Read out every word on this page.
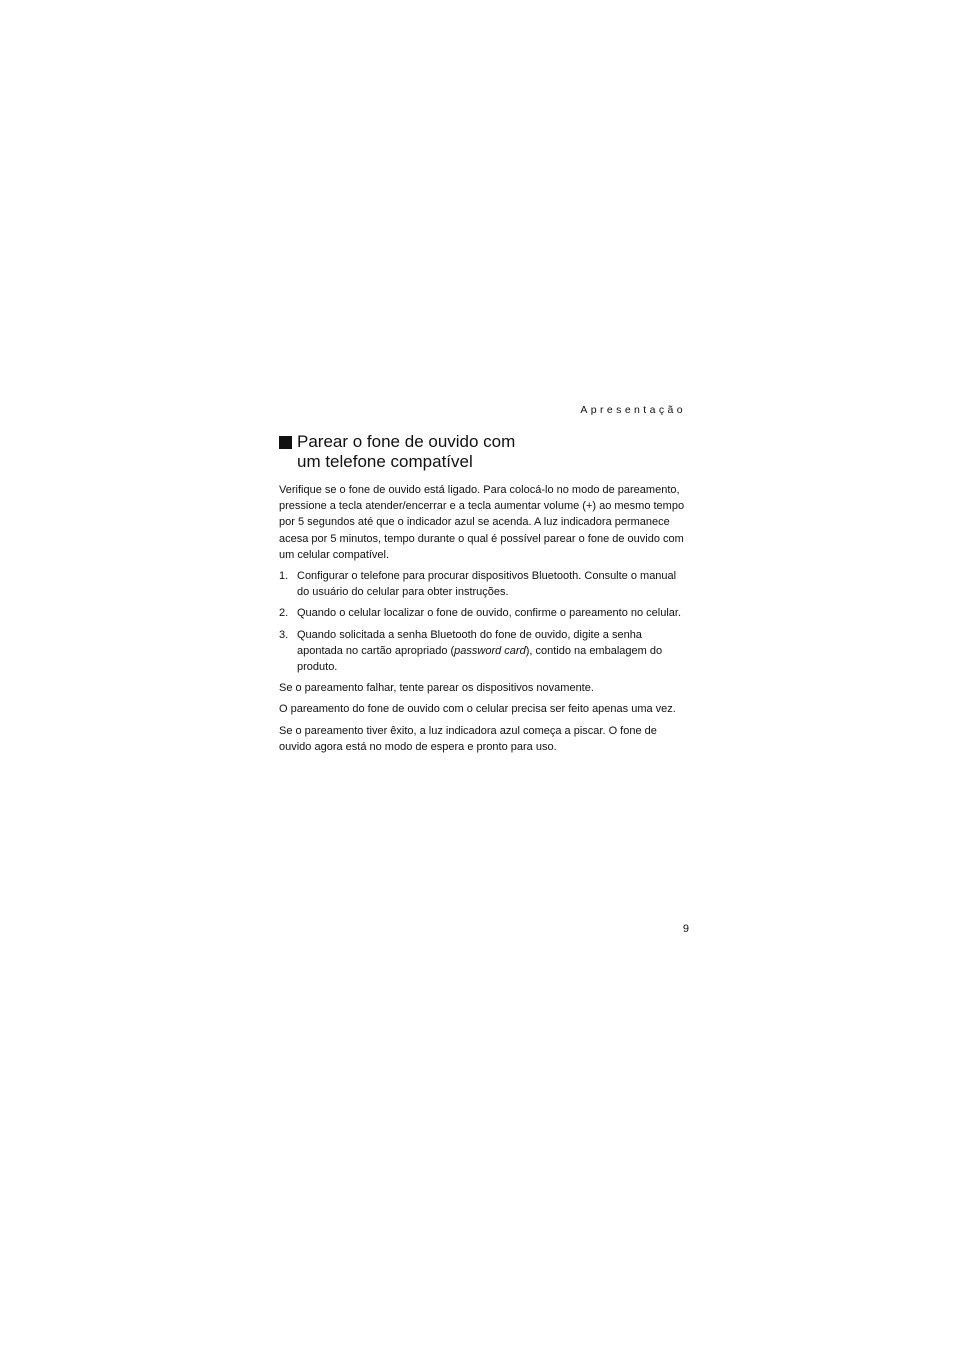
Apresentação
Parear o fone de ouvido com
um telefone compatível

Verifique se o fone de ouvido está ligado. Para colocá-lo no modo de pareamento, pressione a tecla atender/encerrar e a tecla aumentar volume (+) ao mesmo tempo por 5 segundos até que o indicador azul se acenda. A luz indicadora permanece acesa por 5 minutos, tempo durante o qual é possível parear o fone de ouvido com um celular compatível.

1. Configurar o telefone para procurar dispositivos Bluetooth. Consulte o manual do usuário do celular para obter instruções.
2. Quando o celular localizar o fone de ouvido, confirme o pareamento no celular.
3. Quando solicitada a senha Bluetooth do fone de ouvido, digite a senha apontada no cartão apropriado (password card), contido na embalagem do produto.

Se o pareamento falhar, tente parear os dispositivos novamente.

O pareamento do fone de ouvido com o celular precisa ser feito apenas uma vez.

Se o pareamento tiver êxito, a luz indicadora azul começa a piscar. O fone de ouvido agora está no modo de espera e pronto para uso.

9
